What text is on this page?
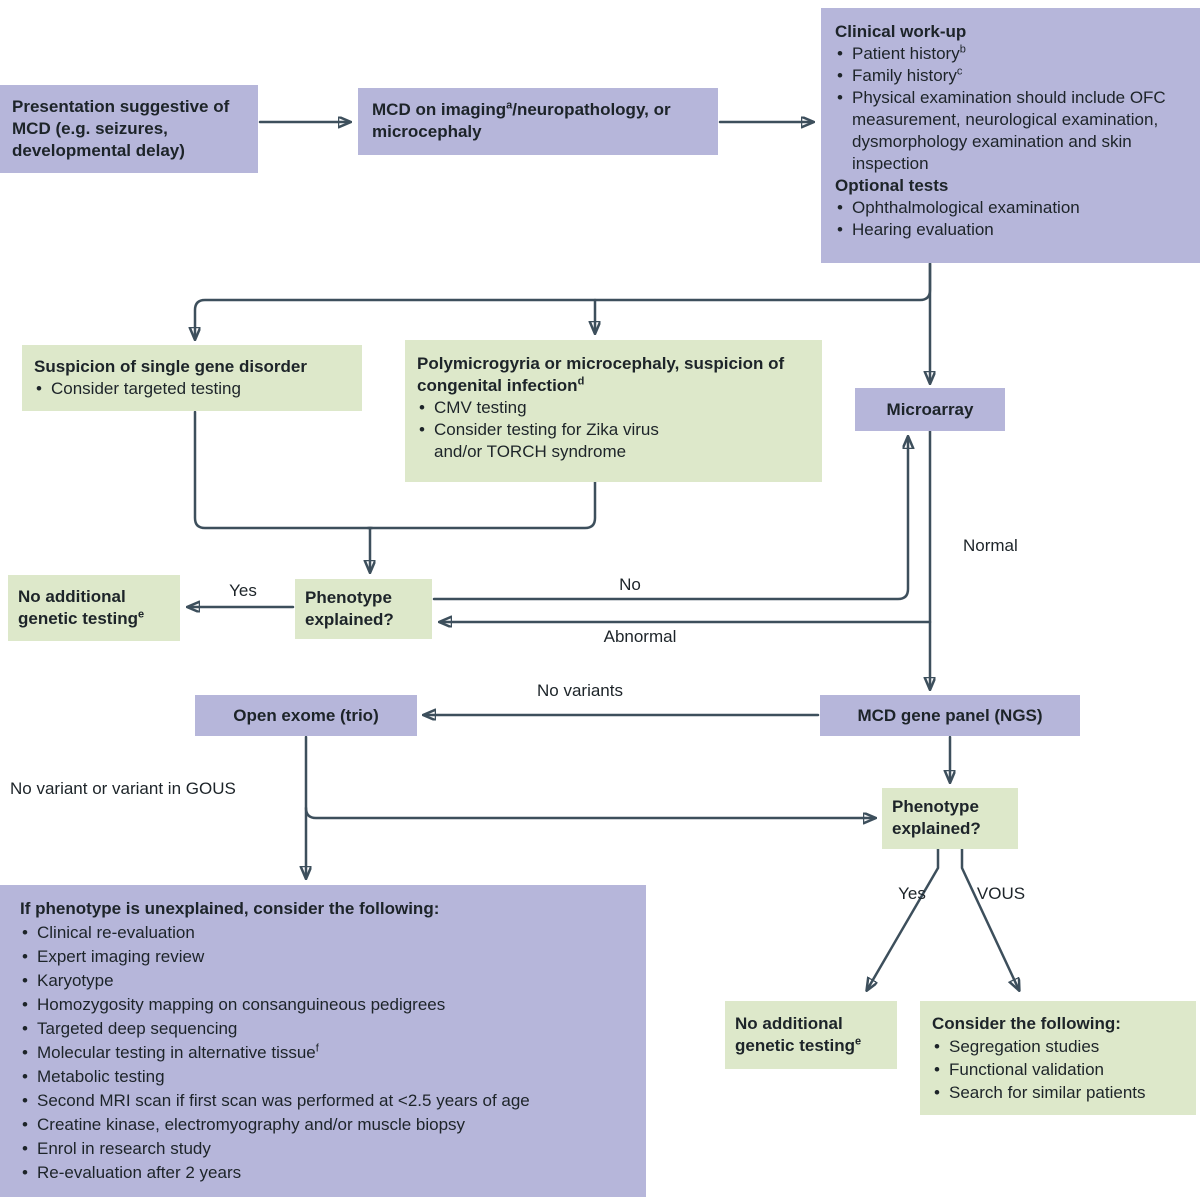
Presentation suggestive of MCD (e.g. seizures, developmental delay)
MCD on imaging$^a$/neuropathology, or microcephaly
Clinical work-up
• Patient history$^b$
• Family history$^c$
• Physical examination should include OFC measurement, neurological examination, dysmorphology examination and skin inspection
Optional tests
• Ophthalmological examination
• Hearing evaluation
Suspicion of single gene disorder
• Consider targeted testing
Polymicrogyria or microcephaly, suspicion of congenital infection$^d$
• CMV testing
• Consider testing for Zika virus and/or TORCH syndrome
Microarray
Phenotype explained?
No additional genetic testing$^e$
MCD gene panel (NGS)
Open exome (trio)
Phenotype explained?
No additional genetic testing$^e$
Consider the following:
• Segregation studies
• Functional validation
• Search for similar patients
If phenotype is unexplained, consider the following:
• Clinical re-evaluation
• Expert imaging review
• Karyotype
• Homozygosity mapping on consanguineous pedigrees
• Targeted deep sequencing
• Molecular testing in alternative tissue$^f$
• Metabolic testing
• Second MRI scan if first scan was performed at <2.5 years of age
• Creatine kinase, electromyography and/or muscle biopsy
• Enrol in research study
• Re-evaluation after 2 years
Yes	No
Abnormal
Normal
No variants
No variant or variant in GOUS
Yes	VOUS
